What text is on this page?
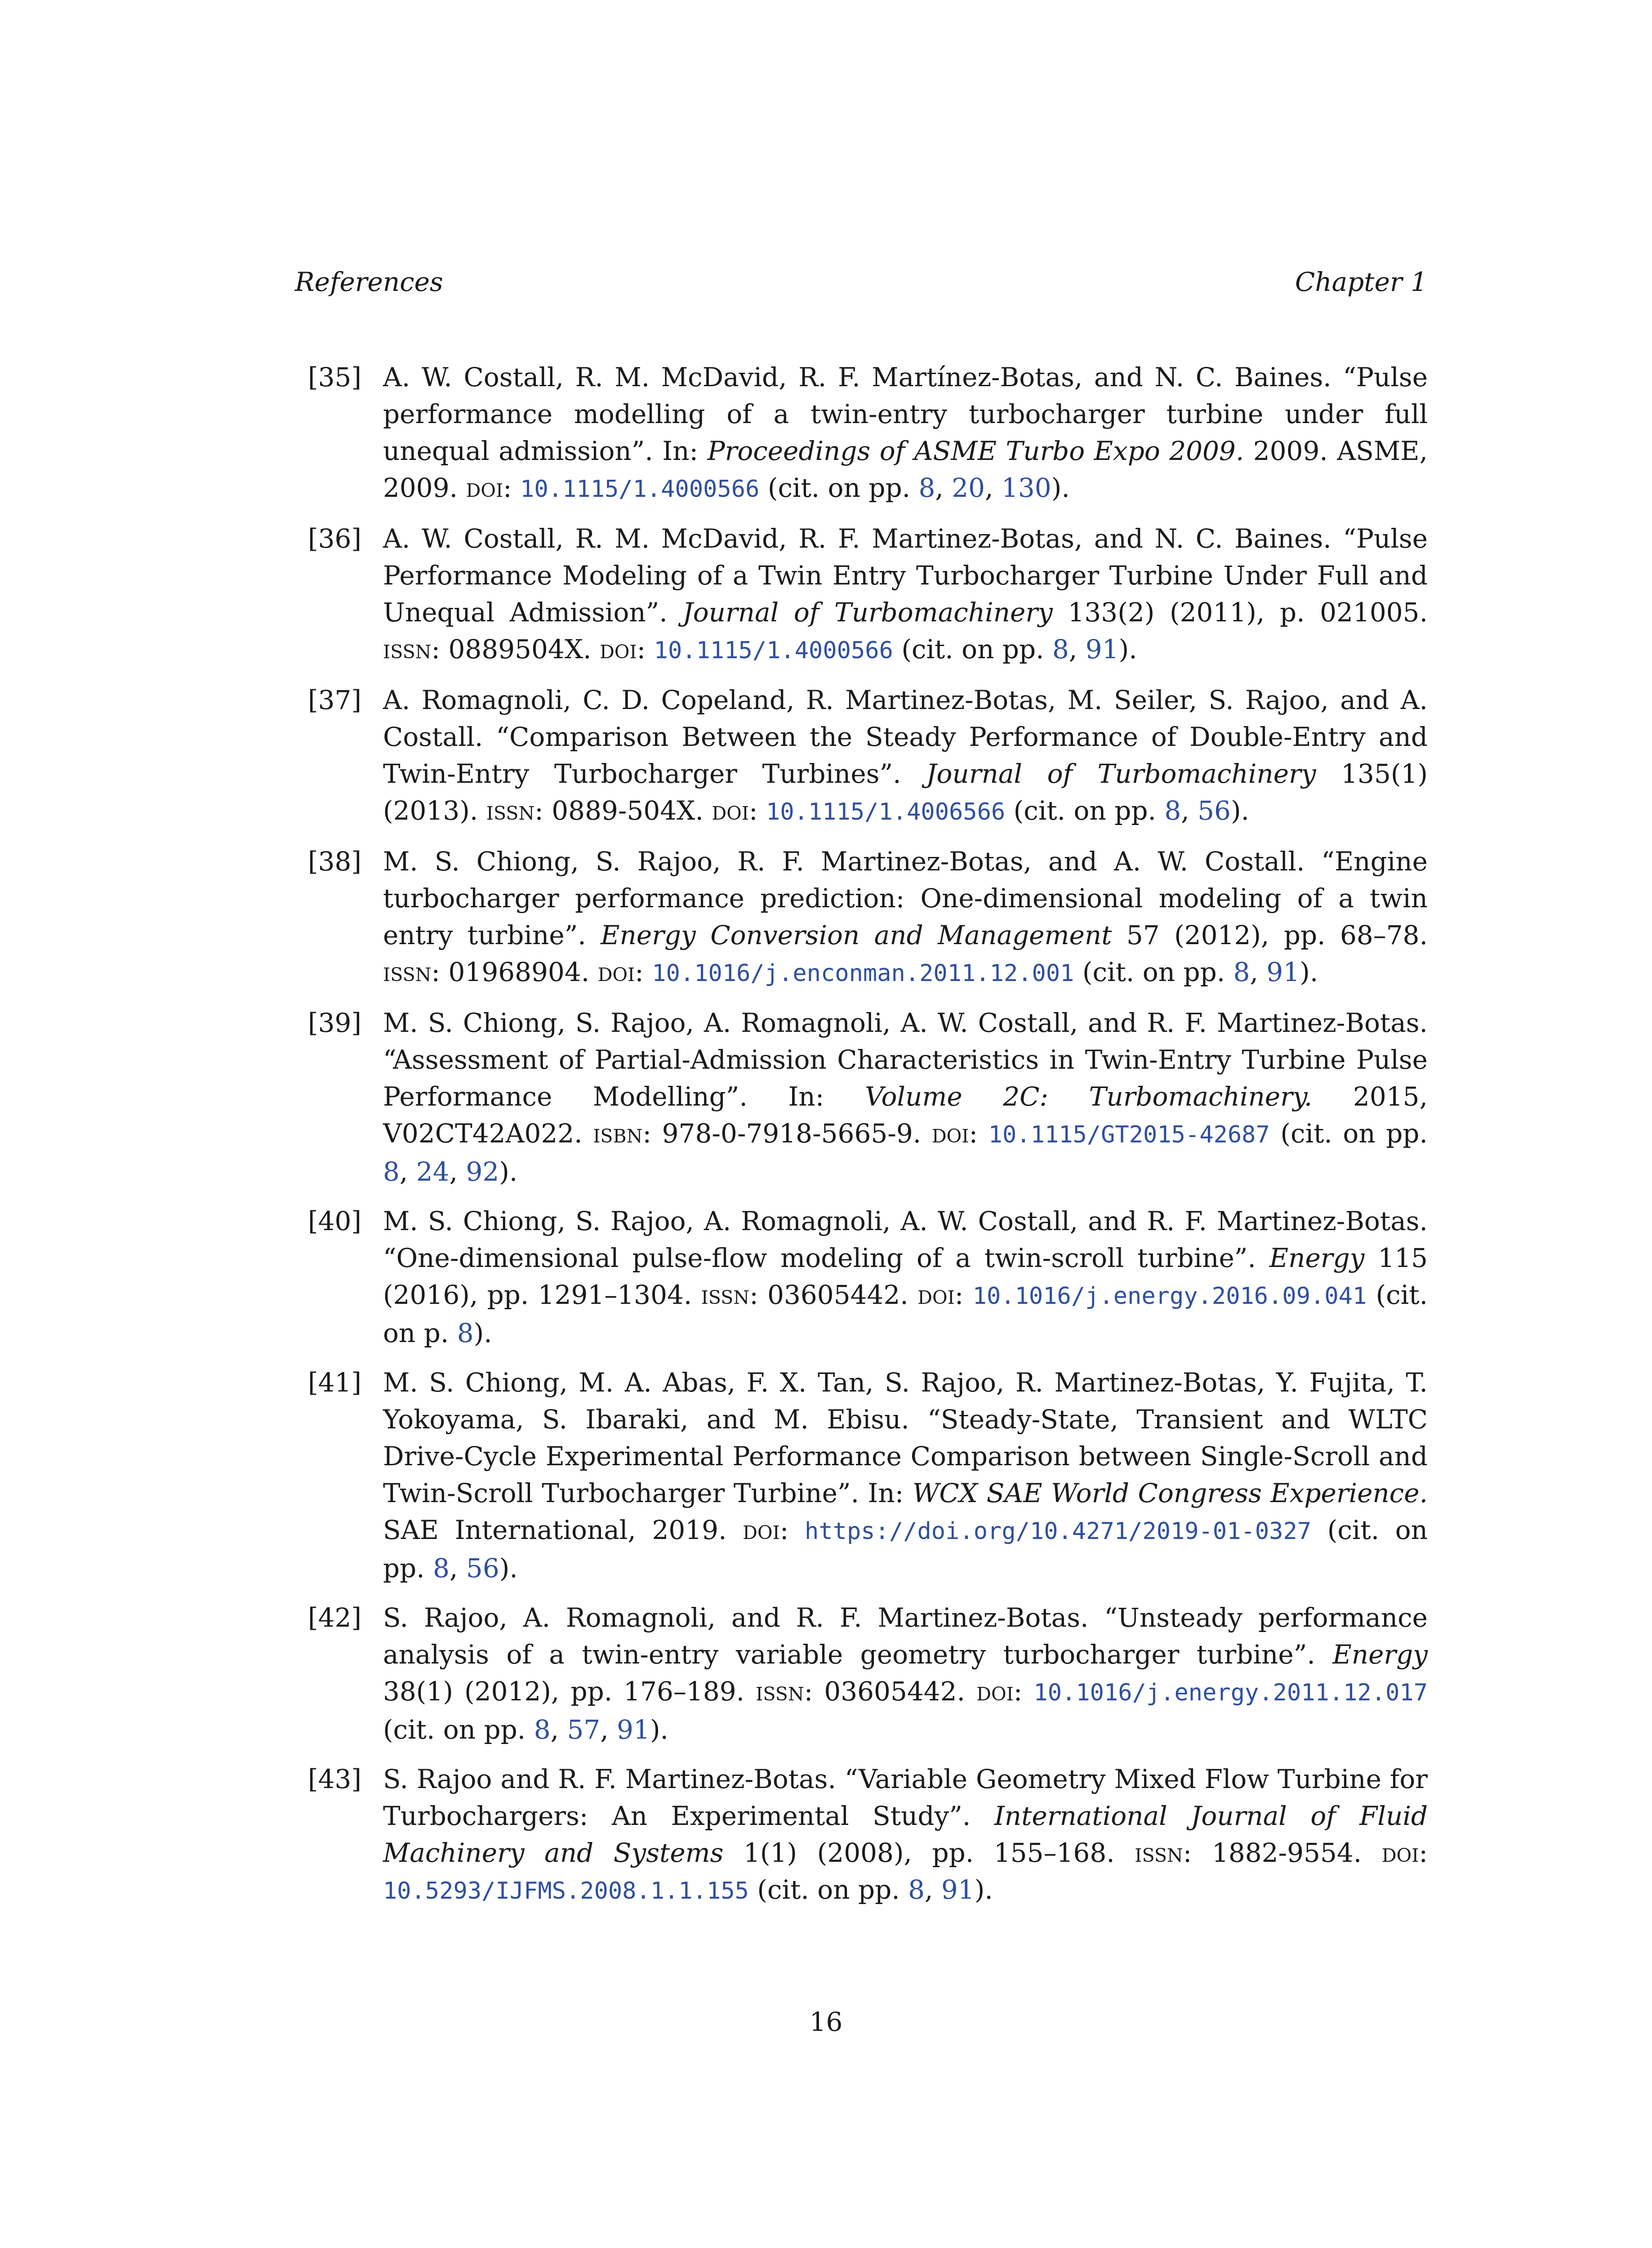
References	Chapter 1
[35] A. W. Costall, R. M. McDavid, R. F. Martínez-Botas, and N. C. Baines. “Pulse performance modelling of a twin-entry turbocharger turbine under full unequal admission”. In: Proceedings of ASME Turbo Expo 2009. 2009. ASME, 2009. doi: 10.1115/1.4000566 (cit. on pp. 8, 20, 130).
[36] A. W. Costall, R. M. McDavid, R. F. Martinez-Botas, and N. C. Baines. “Pulse Performance Modeling of a Twin Entry Turbocharger Turbine Under Full and Unequal Admission”. Journal of Turbomachinery 133(2) (2011), p. 021005. issn: 0889504X. doi: 10.1115/1.4000566 (cit. on pp. 8, 91).
[37] A. Romagnoli, C. D. Copeland, R. Martinez-Botas, M. Seiler, S. Rajoo, and A. Costall. “Comparison Between the Steady Performance of Double-Entry and Twin-Entry Turbocharger Turbines”. Journal of Turbomachinery 135(1) (2013). issn: 0889-504X. doi: 10.1115/1.4006566 (cit. on pp. 8, 56).
[38] M. S. Chiong, S. Rajoo, R. F. Martinez-Botas, and A. W. Costall. “Engine turbocharger performance prediction: One-dimensional modeling of a twin entry turbine”. Energy Conversion and Management 57 (2012), pp. 68–78. issn: 01968904. doi: 10.1016/j.enconman.2011.12.001 (cit. on pp. 8, 91).
[39] M. S. Chiong, S. Rajoo, A. Romagnoli, A. W. Costall, and R. F. Martinez-Botas. “Assessment of Partial-Admission Characteristics in Twin-Entry Turbine Pulse Performance Modelling”. In: Volume 2C: Turbomachinery. 2015, V02CT42A022. isbn: 978-0-7918-5665-9. doi: 10.1115/GT2015-42687 (cit. on pp. 8, 24, 92).
[40] M. S. Chiong, S. Rajoo, A. Romagnoli, A. W. Costall, and R. F. Martinez-Botas. “One-dimensional pulse-flow modeling of a twin-scroll turbine”. Energy 115 (2016), pp. 1291–1304. issn: 03605442. doi: 10.1016/j.energy.2016.09.041 (cit. on p. 8).
[41] M. S. Chiong, M. A. Abas, F. X. Tan, S. Rajoo, R. Martinez-Botas, Y. Fujita, T. Yokoyama, S. Ibaraki, and M. Ebisu. “Steady-State, Transient and WLTC Drive-Cycle Experimental Performance Comparison between Single-Scroll and Twin-Scroll Turbocharger Turbine”. In: WCX SAE World Congress Experience. SAE International, 2019. doi: https://doi.org/10.4271/2019-01-0327 (cit. on pp. 8, 56).
[42] S. Rajoo, A. Romagnoli, and R. F. Martinez-Botas. “Unsteady performance analysis of a twin-entry variable geometry turbocharger turbine”. Energy 38(1) (2012), pp. 176–189. issn: 03605442. doi: 10.1016/j.energy.2011.12.017 (cit. on pp. 8, 57, 91).
[43] S. Rajoo and R. F. Martinez-Botas. “Variable Geometry Mixed Flow Turbine for Turbochargers: An Experimental Study”. International Journal of Fluid Machinery and Systems 1(1) (2008), pp. 155–168. issn: 1882-9554. doi: 10.5293/IJFMS.2008.1.1.155 (cit. on pp. 8, 91).
16
